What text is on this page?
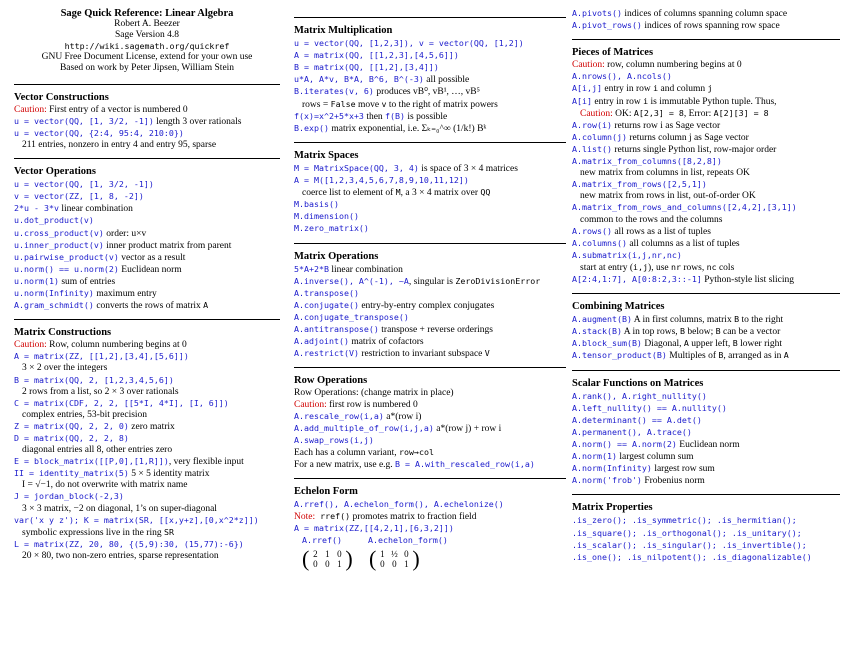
Sage Quick Reference: Linear Algebra
Robert A. Beezer
Sage Version 4.8
http://wiki.sagemath.org/quickref
GNU Free Document License, extend for your own use
Based on work by Peter Jipsen, William Stein
Vector Constructions
Caution: First entry of a vector is numbered 0
u = vector(QQ, [1, 3/2, -1]) length 3 over rationals
u = vector(QQ, {2:4, 95:4, 210:0})
211 entries, nonzero in entry 4 and entry 95, sparse
Vector Operations
u = vector(QQ, [1, 3/2, -1])
v = vector(ZZ, [1, 8, -2])
2*u - 3*v linear combination
u.dot_product(v)
u.cross_product(v) order: u×v
u.inner_product(v) inner product matrix from parent
u.pairwise_product(v) vector as a result
u.norm() == u.norm(2) Euclidean norm
u.norm(1) sum of entries
u.norm(Infinity) maximum entry
A.gram_schmidt() converts the rows of matrix A
Matrix Constructions
Caution: Row, column numbering begins at 0
A = matrix(ZZ, [[1,2],[3,4],[5,6]])
3 × 2 over the integers
B = matrix(QQ, 2, [1,2,3,4,5,6])
2 rows from a list, so 2 × 3 over rationals
C = matrix(CDF, 2, 2, [[5*I, 4*I], [I, 6]])
complex entries, 53-bit precision
Z = matrix(QQ, 2, 2, 0) zero matrix
D = matrix(QQ, 2, 2, 8)
diagonal entries all 8, other entries zero
E = block_matrix([[P,0],[1,R]]), very flexible input
II = identity_matrix(5) 5 × 5 identity matrix
I = √−1, do not overwrite with matrix name
J = jordan_block(-2,3)
3 × 3 matrix, −2 on diagonal, 1’s on super-diagonal
var('x y z'); K = matrix(SR, [[x,y+z],[0,x^2*z]])
symbolic expressions live in the ring SR
L = matrix(ZZ, 20, 80, {(5,9):30, (15,77):-6})
20 × 80, two non-zero entries, sparse representation
Matrix Multiplication
u = vector(QQ, [1,2,3]), v = vector(QQ, [1,2])
A = matrix(QQ, [[1,2,3],[4,5,6]])
B = matrix(QQ, [[1,2],[3,4]])
u*A, A*v, B*A, B^6, B^(-3) all possible
B.iterates(v, 6) produces vB⁰, vB¹, …, vB⁵
rows = False move v to the right of matrix powers
f(x)=x^2+5*x+3 then f(B) is possible
B.exp() matrix exponential, i.e. Σₖ₌₀^∞ (1/k!) Bᵏ
Matrix Spaces
M = MatrixSpace(QQ, 3, 4) is space of 3 × 4 matrices
A = M([1,2,3,4,5,6,7,8,9,10,11,12])
coerce list to element of M, a 3 × 4 matrix over QQ
M.basis()
M.dimension()
M.zero_matrix()
Matrix Operations
5*A+2*B linear combination
A.inverse(), A^(-1), ~A, singular is ZeroDivisionError
A.transpose()
A.conjugate() entry-by-entry complex conjugates
A.conjugate_transpose()
A.antitranspose() transpose + reverse orderings
A.adjoint() matrix of cofactors
A.restrict(V) restriction to invariant subspace V
Row Operations
Row Operations: (change matrix in place)
Caution: first row is numbered 0
A.rescale_row(i,a) a*(row i)
A.add_multiple_of_row(i,j,a) a*(row j) + row i
A.swap_rows(i,j)
Each has a column variant, row→col
For a new matrix, use e.g. B = A.with_rescaled_row(i,a)
Echelon Form
A.rref(), A.echelon_form(), A.echelonize()
Note: rref() promotes matrix to fraction field
A = matrix(ZZ,[[4,2,1],[6,3,2]])
A.rref()	A.echelon_form()
( 2 1 0
0 0 1 )
( 1 ½ 0
0 0 1 )
A.pivots() indices of columns spanning column space
A.pivot_rows() indices of rows spanning row space
Pieces of Matrices
Caution: row, column numbering begins at 0
A.nrows(), A.ncols()
A[i,j] entry in row i and column j
A[i] entry in row i is immutable Python tuple. Thus,
Caution: OK: A[2,3] = 8, Error: A[2][3] = 8
A.row(i) returns row i as Sage vector
A.column(j) returns column j as Sage vector
A.list() returns single Python list, row-major order
A.matrix_from_columns([8,2,8])
new matrix from columns in list, repeats OK
A.matrix_from_rows([2,5,1])
new matrix from rows in list, out-of-order OK
A.matrix_from_rows_and_columns([2,4,2],[3,1])
common to the rows and the columns
A.rows() all rows as a list of tuples
A.columns() all columns as a list of tuples
A.submatrix(i,j,nr,nc)
start at entry (i,j), use nr rows, nc cols
A[2:4,1:7], A[0:8:2,3::-1] Python-style list slicing
Combining Matrices
A.augment(B) A in first columns, matrix B to the right
A.stack(B) A in top rows, B below; B can be a vector
A.block_sum(B) Diagonal, A upper left, B lower right
A.tensor_product(B) Multiples of B, arranged as in A
Scalar Functions on Matrices
A.rank(), A.right_nullity()
A.left_nullity() == A.nullity()
A.determinant() == A.det()
A.permanent(), A.trace()
A.norm() == A.norm(2) Euclidean norm
A.norm(1) largest column sum
A.norm(Infinity) largest row sum
A.norm('frob') Frobenius norm
Matrix Properties
.is_zero(); .is_symmetric(); .is_hermitian();
.is_square(); .is_orthogonal(); .is_unitary();
.is_scalar(); .is_singular(); .is_invertible();
.is_one(); .is_nilpotent(); .is_diagonalizable()
